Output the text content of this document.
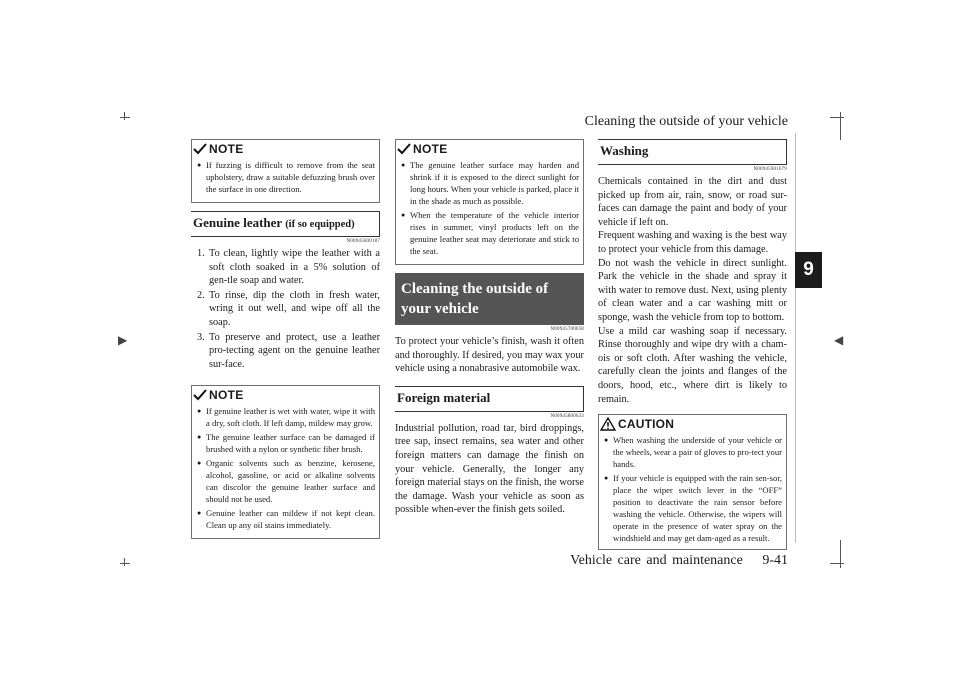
▶	◀
Cleaning the outside of your vehicle
9
Vehicle care and maintenance 9-41
NOTE
● If fuzzing is difficult to remove from the seat upholstery, draw a suitable defuzzing brush over the surface in one direction.
Genuine leather (if so equipped)
N00945600187
1. To clean, lightly wipe the leather with a soft cloth soaked in a 5% solution of gen-tle soap and water.
2. To rinse, dip the cloth in fresh water, wring it out well, and wipe off all the soap.
3. To preserve and protect, use a leather pro-tecting agent on the genuine leather sur-face.
NOTE
● If genuine leather is wet with water, wipe it with a dry, soft cloth. If left damp, mildew may grow.
● The genuine leather surface can be damaged if brushed with a nylon or synthetic fiber brush.
● Organic solvents such as benzine, kerosene, alcohol, gasoline, or acid or alkaline solvents can discolor the genuine leather surface and should not be used.
● Genuine leather can mildew if not kept clean. Clean up any oil stains immediately.
NOTE
● The genuine leather surface may harden and shrink if it is exposed to the direct sunlight for long hours. When your vehicle is parked, place it in the shade as much as possible.
● When the temperature of the vehicle interior rises in summer, vinyl products left on the genuine leather seat may deteriorate and stick to the seat.
Cleaning the outside of your vehicle
N00945700058
To protect your vehicle’s finish, wash it often and thoroughly. If desired, you may wax your vehicle using a nonabrasive automobile wax.
Foreign material
N00945800033
Industrial pollution, road tar, bird droppings, tree sap, insect remains, sea water and other foreign matters can damage the finish on your vehicle. Generally, the longer any foreign material stays on the finish, the worse the damage. Wash your vehicle as soon as possible when-ever the finish gets soiled.
Washing
N00945901679
Chemicals contained in the dirt and dust picked up from air, rain, snow, or road sur-faces can damage the paint and body of your vehicle if left on.
Frequent washing and waxing is the best way to protect your vehicle from this damage.
Do not wash the vehicle in direct sunlight. Park the vehicle in the shade and spray it with water to remove dust. Next, using plenty of clean water and a car washing mitt or sponge, wash the vehicle from top to bottom.
Use a mild car washing soap if necessary. Rinse thoroughly and wipe dry with a cham-ois or soft cloth. After washing the vehicle, carefully clean the joints and flanges of the doors, hood, etc., where dirt is likely to remain.
CAUTION
● When washing the underside of your vehicle or the wheels, wear a pair of gloves to pro-tect your hands.
● If your vehicle is equipped with the rain sen-sor, place the wiper switch lever in the “OFF” position to deactivate the rain sensor before washing the vehicle. Otherwise, the wipers will operate in the presence of water spray on the windshield and may get dam-aged as a result.
